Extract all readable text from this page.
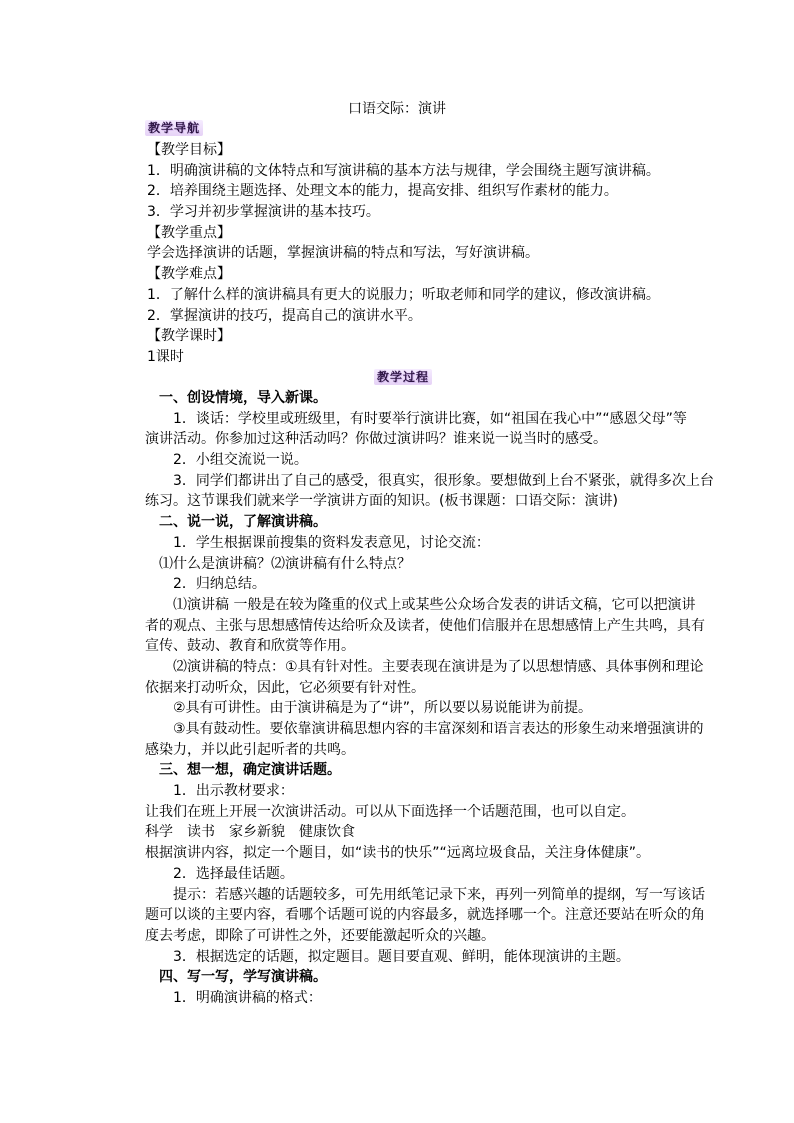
口语交际：演讲
教学导航
【教学目标】
1．明确演讲稿的文体特点和写演讲稿的基本方法与规律，学会围绕主题写演讲稿。
2．培养围绕主题选择、处理文本的能力，提高安排、组织写作素材的能力。
3．学习并初步掌握演讲的基本技巧。
【教学重点】
学会选择演讲的话题，掌握演讲稿的特点和写法，写好演讲稿。
【教学难点】
1．了解什么样的演讲稿具有更大的说服力；听取老师和同学的建议，修改演讲稿。
2．掌握演讲的技巧，提高自己的演讲水平。
【教学课时】
1课时
教学过程
一、创设情境，导入新课。
1．谈话：学校里或班级里，有时要举行演讲比赛，如“祖国在我心中”“感恩父母”等
演讲活动。你参加过这种活动吗？你做过演讲吗？谁来说一说当时的感受。
2．小组交流说一说。
3．同学们都讲出了自己的感受，很真实，很形象。要想做到上台不紧张，就得多次上台
练习。这节课我们就来学一学演讲方面的知识。(板书课题：口语交际：演讲)
二、说一说，了解演讲稿。
1．学生根据课前搜集的资料发表意见，讨论交流：
⑴什么是演讲稿？⑵演讲稿有什么特点？
2．归纳总结。
⑴演讲稿 一般是在较为隆重的仪式上或某些公众场合发表的讲话文稿，它可以把演讲
者的观点、主张与思想感情传达给听众及读者，使他们信服并在思想感情上产生共鸣，具有
宣传、鼓动、教育和欣赏等作用。
⑵演讲稿的特点：①具有针对性。主要表现在演讲是为了以思想情感、具体事例和理论
依据来打动听众，因此，它必须要有针对性。
②具有可讲性。由于演讲稿是为了“讲”，所以要以易说能讲为前提。
③具有鼓动性。要依靠演讲稿思想内容的丰富深刻和语言表达的形象生动来增强演讲的
感染力，并以此引起听者的共鸣。
三、想一想，确定演讲话题。
1．出示教材要求：
让我们在班上开展一次演讲活动。可以从下面选择一个话题范围，也可以自定。
科学　读书　家乡新貌　健康饮食
根据演讲内容，拟定一个题目，如“读书的快乐”“远离垃圾食品，关注身体健康”。
2．选择最佳话题。
提示：若感兴趣的话题较多，可先用纸笔记录下来，再列一列简单的提纲，写一写该话
题可以谈的主要内容，看哪个话题可说的内容最多，就选择哪一个。注意还要站在听众的角
度去考虑，即除了可讲性之外，还要能激起听众的兴趣。
3．根据选定的话题，拟定题目。题目要直观、鲜明，能体现演讲的主题。
四、写一写，学写演讲稿。
1．明确演讲稿的格式：
